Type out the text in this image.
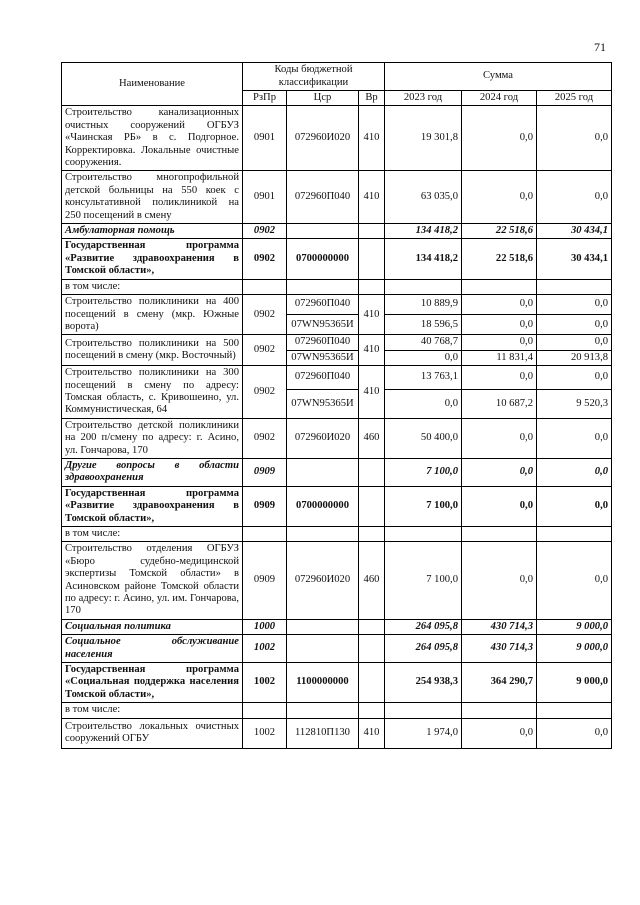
71
Наименование	Коды бюджетной классификации			Сумма		
	РзПр	Цср	Вр	2023 год	2024 год	2025 год
Строительство канализационных очистных сооружений ОГБУЗ «Чаинская РБ» в с. Подгорное. Корректировка. Локальные очистные сооружения.	0901	072960И020	410	19 301,8	0,0	0,0
Строительство многопрофильной детской больницы на 550 коек с консультативной поликлиникой на 250 посещений в смену	0901	072960П040	410	63 035,0	0,0	0,0
Амбулаторная помощь	0902			134 418,2	22 518,6	30 434,1
Государственная программа «Развитие здравоохранения в Томской области»,	0902	0700000000		134 418,2	22 518,6	30 434,1
в том числе:						
Строительство поликлиники на 400 посещений в смену (мкр. Южные ворота)	0902	072960П040	410	10 889,9	0,0	0,0
		07WN95365И		18 596,5	0,0	0,0
Строительство поликлиники на 500 посещений в смену (мкр. Восточный)	0902	072960П040	410	40 768,7	0,0	0,0
		07WN95365И		0,0	11 831,4	20 913,8
Строительство поликлиники на 300 посещений в смену по адресу: Томская область, с. Кривошеино, ул. Коммунистическая, 64	0902	072960П040	410	13 763,1	0,0	0,0
		07WN95365И		0,0	10 687,2	9 520,3
Строительство детской поликлиники на 200 п/смену по адресу: г. Асино, ул. Гончарова, 170	0902	072960И020	460	50 400,0	0,0	0,0
Другие вопросы в области здравоохранения	0909			7 100,0	0,0	0,0
Государственная программа «Развитие здравоохранения в Томской области»,	0909	0700000000		7 100,0	0,0	0,0
в том числе:						
Строительство отделения ОГБУЗ «Бюро судебно-медицинской экспертизы Томской области» в Асиновском районе Томской области по адресу: г. Асино, ул. им. Гончарова, 170	0909	072960И020	460	7 100,0	0,0	0,0
Социальная политика	1000			264 095,8	430 714,3	9 000,0
Социальное обслуживание населения	1002			264 095,8	430 714,3	9 000,0
Государственная программа «Социальная поддержка населения Томской области»,	1002	1100000000		254 938,3	364 290,7	9 000,0
в том числе:						
Строительство локальных очистных сооружений ОГБУ	1002	112810П130	410	1 974,0	0,0	0,0
